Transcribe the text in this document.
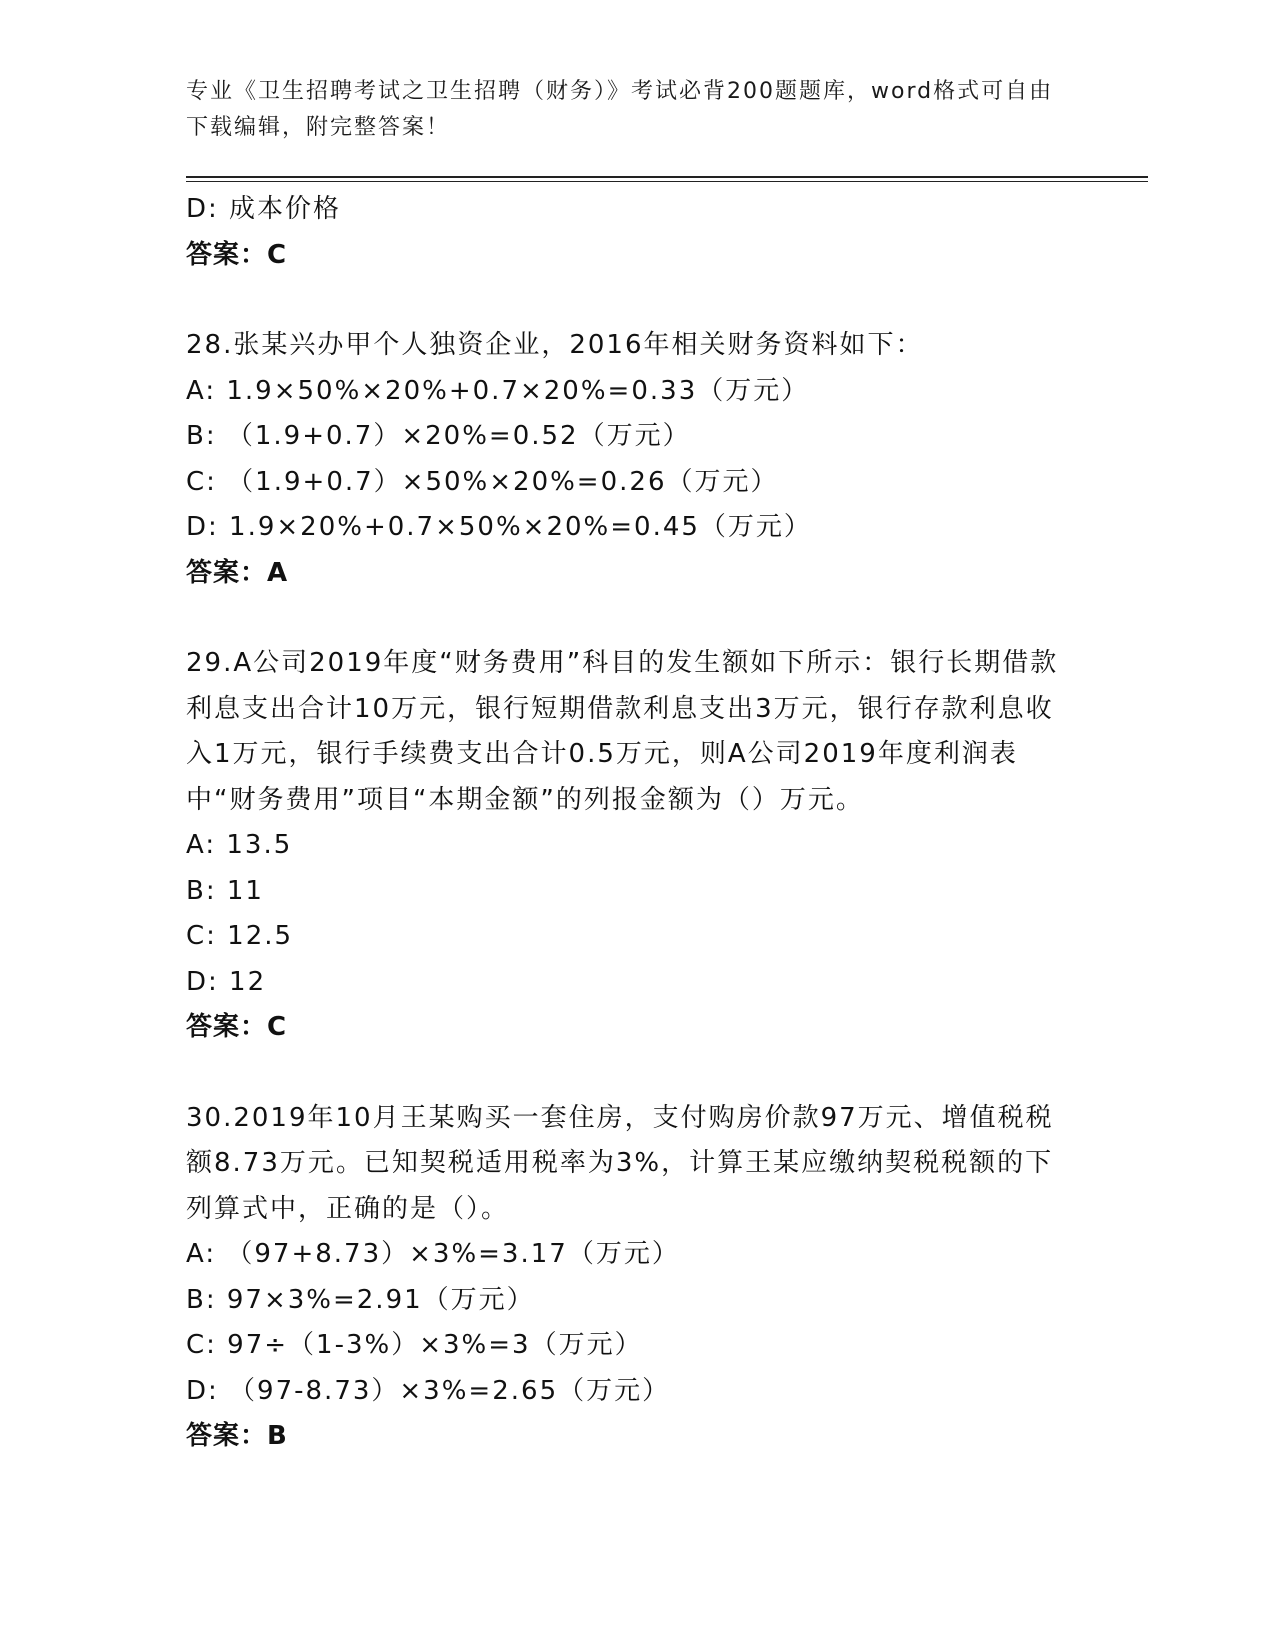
专业《卫生招聘考试之卫生招聘（财务）》考试必背200题题库，word格式可自由下载编辑，附完整答案！
D: 成本价格
答案：C
28.张某兴办甲个人独资企业，2016年相关财务资料如下：
A: 1.9×50%×20%+0.7×20%=0.33（万元）
B: （1.9+0.7）×20%=0.52（万元）
C: （1.9+0.7）×50%×20%=0.26（万元）
D: 1.9×20%+0.7×50%×20%=0.45（万元）
答案：A
29.A公司2019年度“财务费用”科目的发生额如下所示：银行长期借款利息支出合计10万元，银行短期借款利息支出3万元，银行存款利息收入1万元，银行手续费支出合计0.5万元，则A公司2019年度利润表中“财务费用”项目“本期金额”的列报金额为（）万元。
A: 13.5
B: 11
C: 12.5
D: 12
答案：C
30.2019年10月王某购买一套住房，支付购房价款97万元、增值税税额8.73万元。已知契税适用税率为3%，计算王某应缴纳契税税额的下列算式中，正确的是（）。
A: （97+8.73）×3%=3.17（万元）
B: 97×3%=2.91（万元）
C: 97÷（1-3%）×3%=3（万元）
D: （97-8.73）×3%=2.65（万元）
答案：B
